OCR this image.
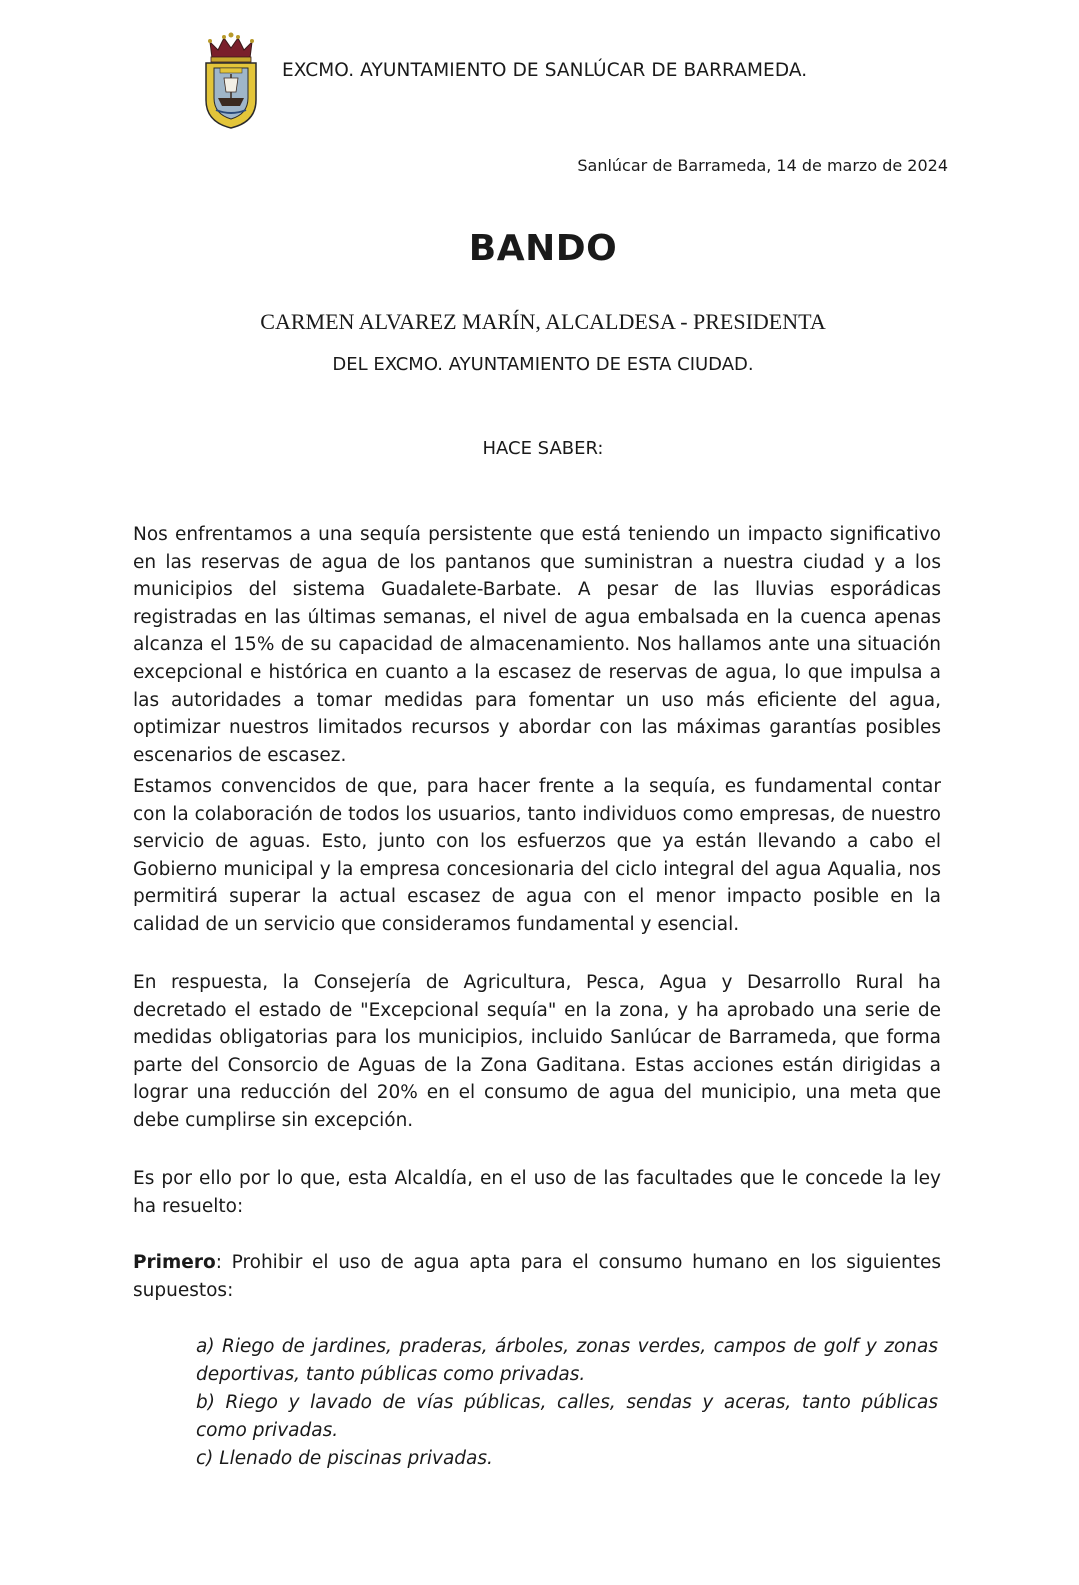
EXCMO. AYUNTAMIENTO DE SANLÚCAR DE BARRAMEDA.
Sanlúcar de Barrameda, 14 de marzo de 2024
BANDO
CARMEN ALVAREZ MARÍN, ALCALDESA - PRESIDENTA
DEL EXCMO. AYUNTAMIENTO DE ESTA CIUDAD.
HACE SABER:
Nos enfrentamos a una sequía persistente que está teniendo un impacto significativo en las reservas de agua de los pantanos que suministran a nuestra ciudad y a los municipios del sistema Guadalete-Barbate. A pesar de las lluvias esporádicas registradas en las últimas semanas, el nivel de agua embalsada en la cuenca apenas alcanza el 15% de su capacidad de almacenamiento. Nos hallamos ante una situación excepcional e histórica en cuanto a la escasez de reservas de agua, lo que impulsa a las autoridades a tomar medidas para fomentar un uso más eficiente del agua, optimizar nuestros limitados recursos y abordar con las máximas garantías posibles escenarios de escasez.
Estamos convencidos de que, para hacer frente a la sequía, es fundamental contar con la colaboración de todos los usuarios, tanto individuos como empresas, de nuestro servicio de aguas. Esto, junto con los esfuerzos que ya están llevando a cabo el Gobierno municipal y la empresa concesionaria del ciclo integral del agua Aqualia, nos permitirá superar la actual escasez de agua con el menor impacto posible en la calidad de un servicio que consideramos fundamental y esencial.
En respuesta, la Consejería de Agricultura, Pesca, Agua y Desarrollo Rural ha decretado el estado de "Excepcional sequía" en la zona, y ha aprobado una serie de medidas obligatorias para los municipios, incluido Sanlúcar de Barrameda, que forma parte del Consorcio de Aguas de la Zona Gaditana. Estas acciones están dirigidas a lograr una reducción del 20% en el consumo de agua del municipio, una meta que debe cumplirse sin excepción.
Es por ello por lo que, esta Alcaldía, en el uso de las facultades que le concede la ley ha resuelto:
Primero: Prohibir el uso de agua apta para el consumo humano en los siguientes supuestos:
a) Riego de jardines, praderas, árboles, zonas verdes, campos de golf y zonas deportivas, tanto públicas como privadas.
b) Riego y lavado de vías públicas, calles, sendas y aceras, tanto públicas como privadas.
c) Llenado de piscinas privadas.
